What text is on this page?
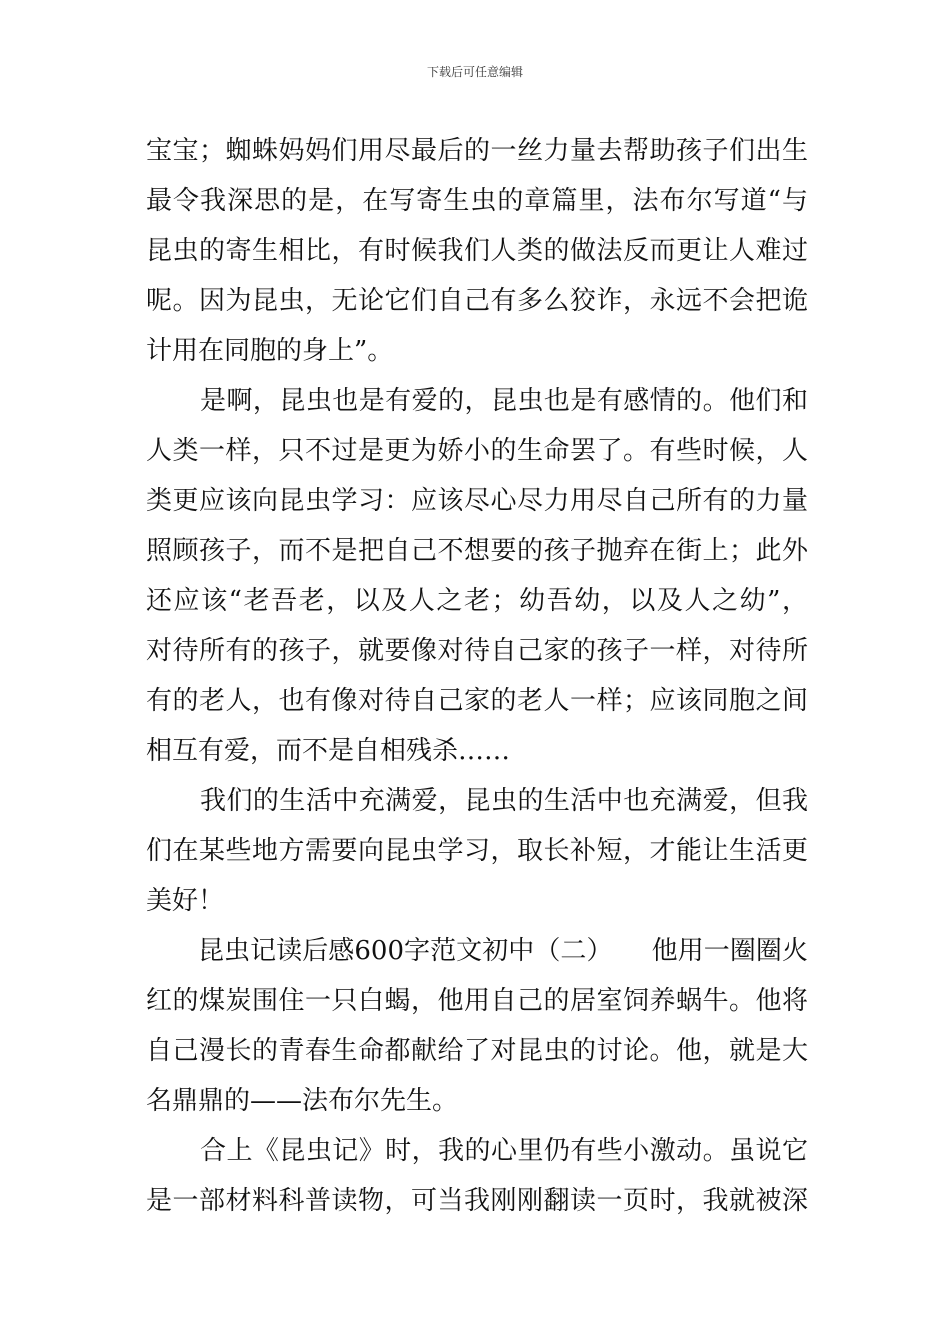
下载后可任意编辑
宝宝；蜘蛛妈妈们用尽最后的一丝力量去帮助孩子们出生
最令我深思的是，在写寄生虫的章篇里，法布尔写道“与
昆虫的寄生相比，有时候我们人类的做法反而更让人难过
呢。因为昆虫，无论它们自己有多么狡诈，永远不会把诡
计用在同胞的身上”。
是啊，昆虫也是有爱的，昆虫也是有感情的。他们和
人类一样，只不过是更为娇小的生命罢了。有些时候，人
类更应该向昆虫学习：应该尽心尽力用尽自己所有的力量
照顾孩子，而不是把自己不想要的孩子抛弃在街上；此外
还应该“老吾老，以及人之老；幼吾幼，以及人之幼”，
对待所有的孩子，就要像对待自己家的孩子一样，对待所
有的老人，也有像对待自己家的老人一样；应该同胞之间
相互有爱，而不是自相残杀……
我们的生活中充满爱，昆虫的生活中也充满爱，但我
们在某些地方需要向昆虫学习，取长补短，才能让生活更
美好！
昆虫记读后感600字范文初中（二）　　他用一圈圈火
红的煤炭围住一只白蝎，他用自己的居室饲养蜗牛。他将
自己漫长的青春生命都献给了对昆虫的讨论。他，就是大
名鼎鼎的——法布尔先生。
合上《昆虫记》时，我的心里仍有些小激动。虽说它
是一部材料科普读物，可当我刚刚翻读一页时，我就被深
